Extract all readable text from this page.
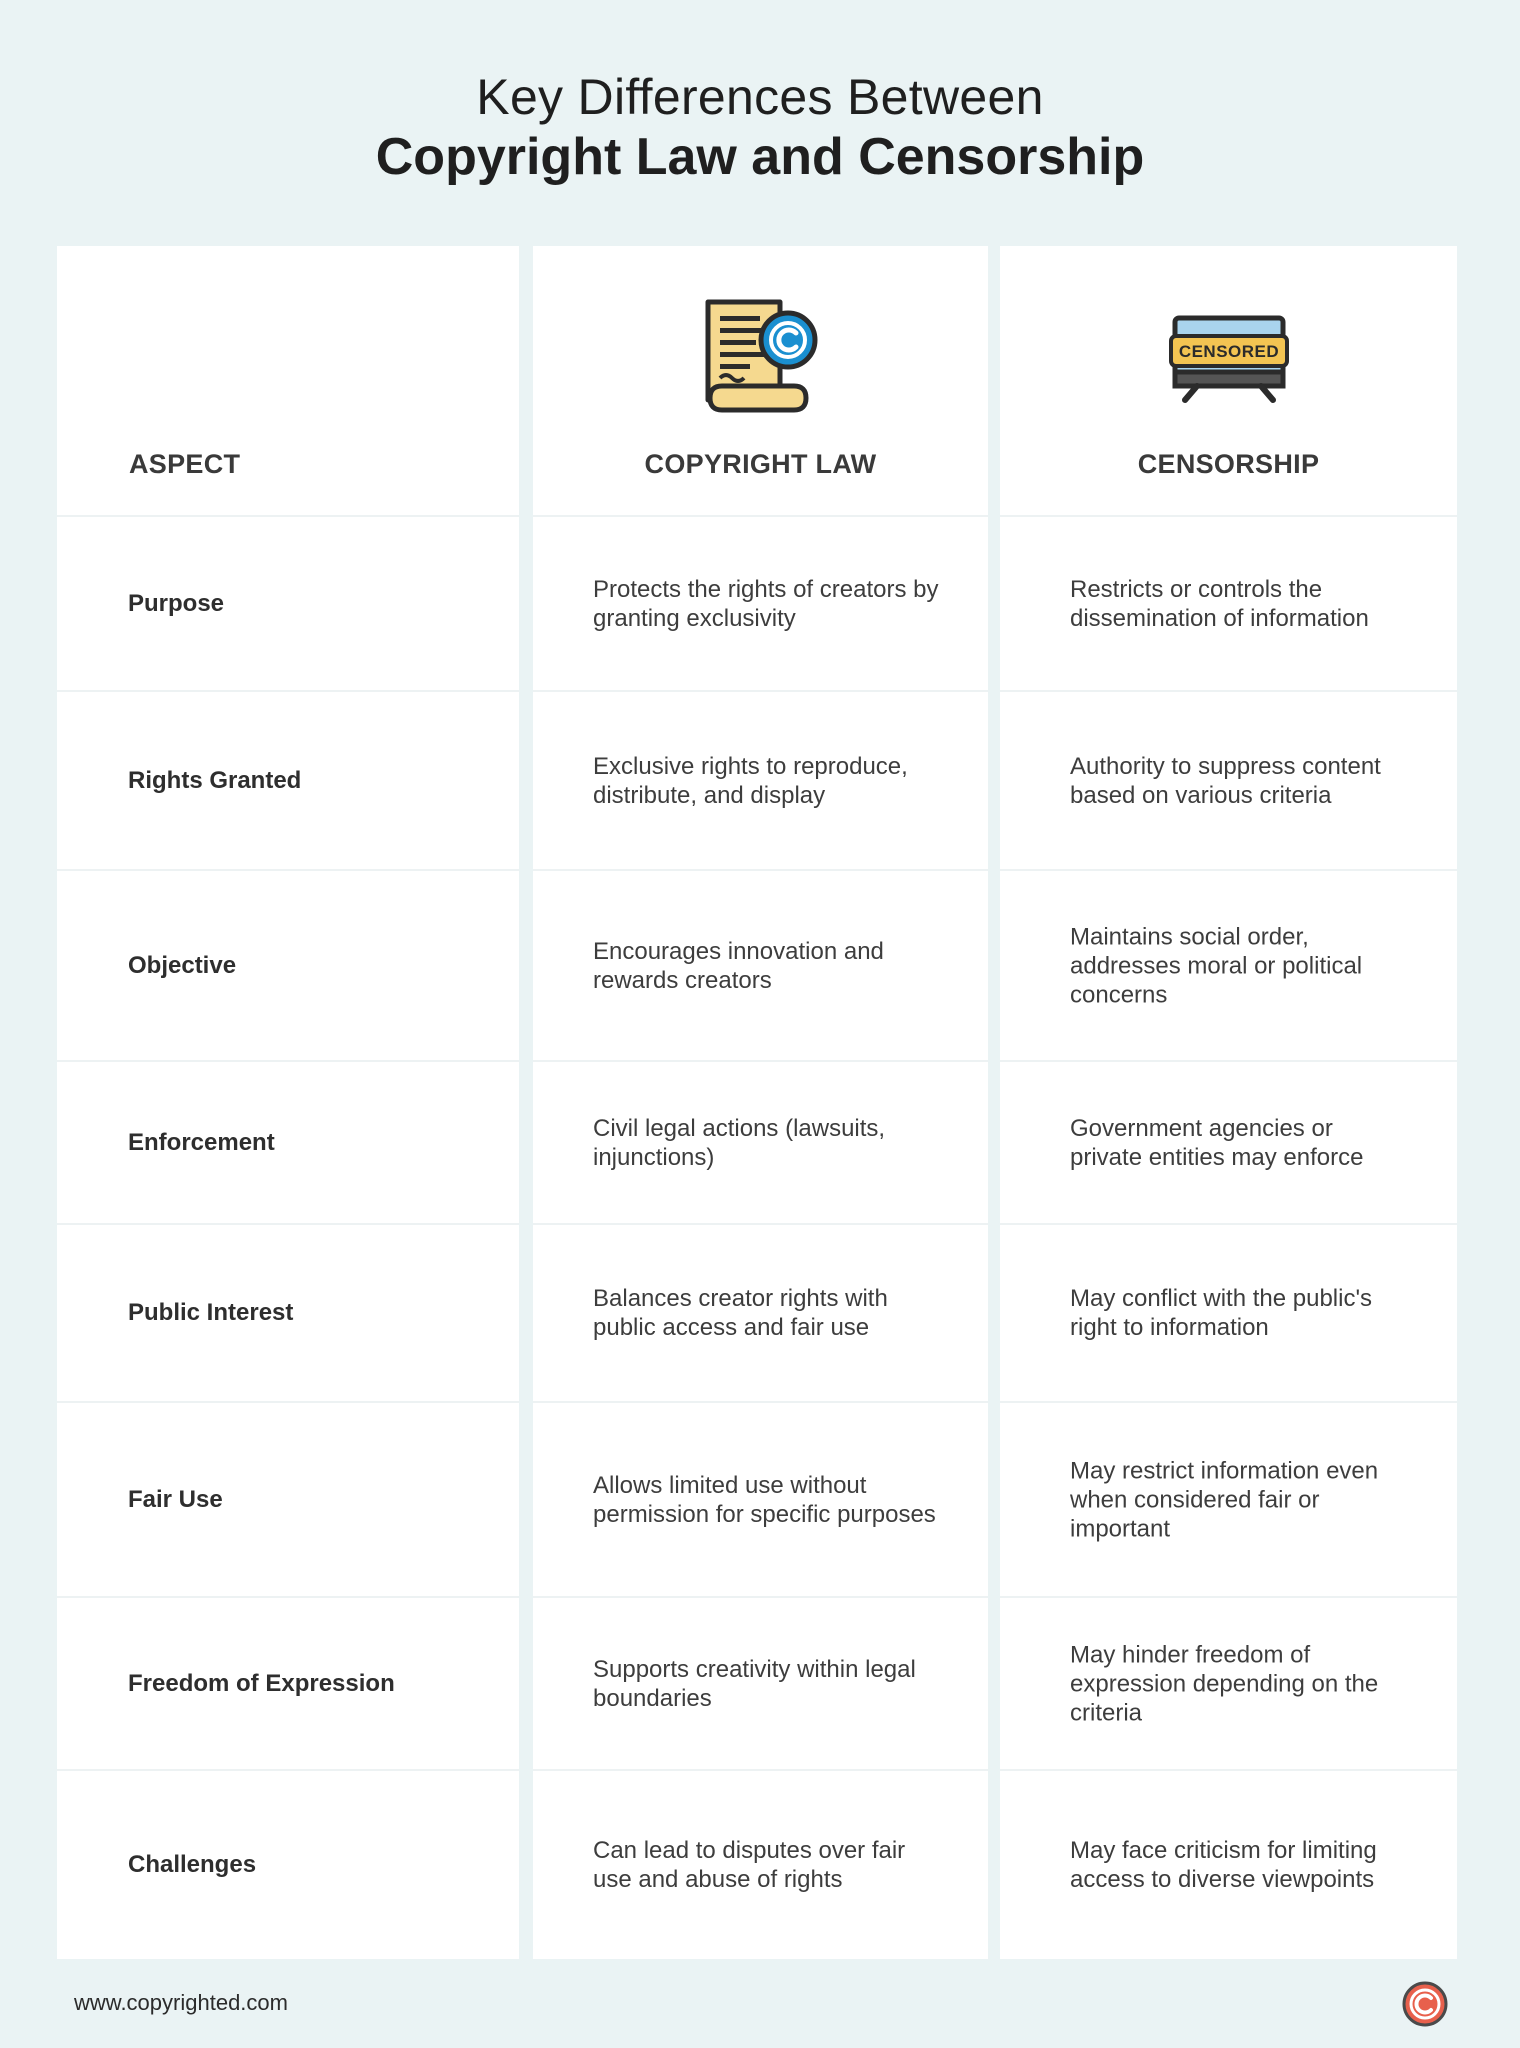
Key Differences Between
Copyright Law and Censorship
ASPECT
Purpose
Rights Granted
Objective
Enforcement
Public Interest
Fair Use
Freedom of Expression
Challenges
COPYRIGHT LAW
Protects the rights of creators by granting exclusivity
Exclusive rights to reproduce, distribute, and display
Encourages innovation and rewards creators
Civil legal actions (lawsuits, injunctions)
Balances creator rights with public access and fair use
Allows limited use without permission for specific purposes
Supports creativity within legal boundaries
Can lead to disputes over fair use and abuse of rights
CENSORED
CENSORSHIP
Restricts or controls the dissemination of information
Authority to suppress content based on various criteria
Maintains social order, addresses moral or political concerns
Government agencies or private entities may enforce
May conflict with the public's right to information
May restrict information even when considered fair or important
May hinder freedom of expression depending on the criteria
May face criticism for limiting access to diverse viewpoints
www.copyrighted.com
